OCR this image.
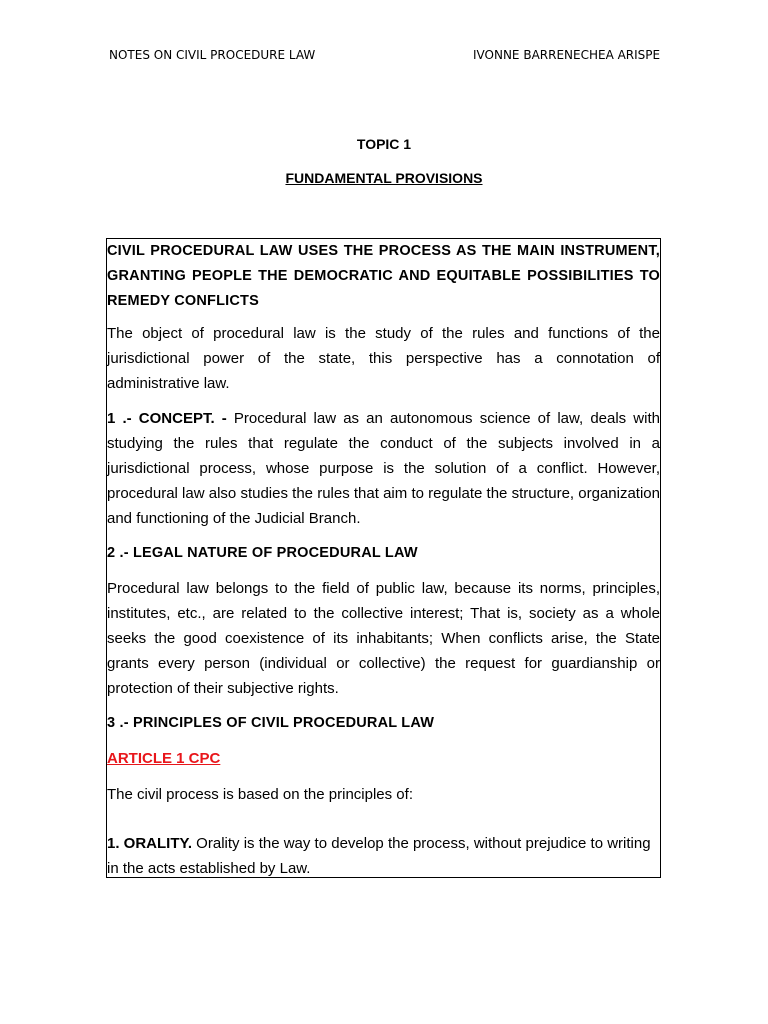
NOTES ON CIVIL PROCEDURE LAW	IVONNE BARRENECHEA ARISPE
TOPIC 1
FUNDAMENTAL PROVISIONS

CIVIL PROCEDURAL LAW USES THE PROCESS AS THE MAIN INSTRUMENT, GRANTING PEOPLE THE DEMOCRATIC AND EQUITABLE POSSIBILITIES TO REMEDY CONFLICTS

The object of procedural law is the study of the rules and functions of the jurisdictional power of the state, this perspective has a connotation of administrative law.

1 .- CONCEPT. - Procedural law as an autonomous science of law, deals with studying the rules that regulate the conduct of the subjects involved in a jurisdictional process, whose purpose is the solution of a conflict. However, procedural law also studies the rules that aim to regulate the structure, organization and functioning of the Judicial Branch.

2 .- LEGAL NATURE OF PROCEDURAL LAW

Procedural law belongs to the field of public law, because its norms, principles, institutes, etc., are related to the collective interest; That is, society as a whole seeks the good coexistence of its inhabitants; When conflicts arise, the State grants every person (individual or collective) the request for guardianship or protection of their subjective rights.

3 .- PRINCIPLES OF CIVIL PROCEDURAL LAW

ARTICLE 1 CPC

The civil process is based on the principles of:

1. ORALITY. Orality is the way to develop the process, without prejudice to writing in the acts established by Law.
